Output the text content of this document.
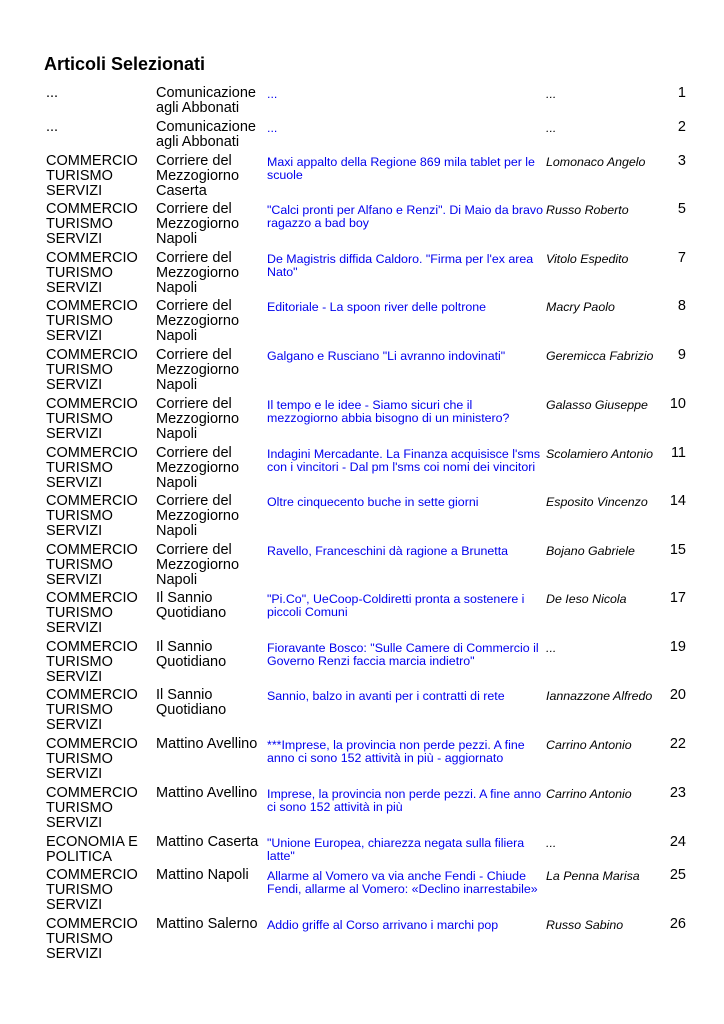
Articoli Selezionati
...	Comunicazione
agli Abbonati	...	...	1

...	Comunicazione
agli Abbonati	...	...	2

COMMERCIO
TURISMO
SERVIZI	Corriere del
Mezzogiorno
Caserta	Maxi appalto della Regione 869 mila tablet per le
scuole	Lomonaco Angelo	3

COMMERCIO
TURISMO
SERVIZI	Corriere del
Mezzogiorno
Napoli	"Calci pronti per Alfano e Renzi". Di Maio da bravo
ragazzo a bad boy	Russo Roberto	5

COMMERCIO
TURISMO
SERVIZI	Corriere del
Mezzogiorno
Napoli	De Magistris diffida Caldoro. "Firma per l'ex area
Nato"	Vitolo Espedito	7

COMMERCIO
TURISMO
SERVIZI	Corriere del
Mezzogiorno
Napoli	Editoriale - La spoon river delle poltrone	Macry Paolo	8

COMMERCIO
TURISMO
SERVIZI	Corriere del
Mezzogiorno
Napoli	Galgano e Rusciano "Li avranno indovinati"	Geremicca Fabrizio	9

COMMERCIO
TURISMO
SERVIZI	Corriere del
Mezzogiorno
Napoli	Il tempo e le idee - Siamo sicuri che il
mezzogiorno abbia bisogno di un ministero?	Galasso Giuseppe	10

COMMERCIO
TURISMO
SERVIZI	Corriere del
Mezzogiorno
Napoli	Indagini Mercadante. La Finanza acquisisce l'sms
con i vincitori - Dal pm l'sms coi nomi dei vincitori	Scolamiero Antonio	11

COMMERCIO
TURISMO
SERVIZI	Corriere del
Mezzogiorno
Napoli	Oltre cinquecento buche in sette giorni	Esposito Vincenzo	14

COMMERCIO
TURISMO
SERVIZI	Corriere del
Mezzogiorno
Napoli	Ravello, Franceschini dà ragione a Brunetta	Bojano Gabriele	15

COMMERCIO
TURISMO
SERVIZI	Il Sannio
Quotidiano	"Pi.Co", UeCoop-Coldiretti pronta a sostenere i
piccoli Comuni	De Ieso Nicola	17

COMMERCIO
TURISMO
SERVIZI	Il Sannio
Quotidiano	Fioravante Bosco: "Sulle Camere di Commercio il
Governo Renzi faccia marcia indietro"	...	19

COMMERCIO
TURISMO
SERVIZI	Il Sannio
Quotidiano	Sannio, balzo in avanti per i contratti di rete	Iannazzone Alfredo	20

COMMERCIO
TURISMO
SERVIZI	Mattino Avellino	***Imprese, la provincia non perde pezzi. A fine
anno ci sono 152 attività in più - aggiornato	Carrino Antonio	22

COMMERCIO
TURISMO
SERVIZI	Mattino Avellino	Imprese, la provincia non perde pezzi. A fine anno
ci sono 152 attività in più	Carrino Antonio	23

ECONOMIA E
POLITICA	Mattino Caserta	"Unione Europea, chiarezza negata sulla filiera
latte"	...	24

COMMERCIO
TURISMO
SERVIZI	Mattino Napoli	Allarme al Vomero va via anche Fendi - Chiude
Fendi, allarme al Vomero: «Declino inarrestabile»	La Penna Marisa	25

COMMERCIO
TURISMO
SERVIZI	Mattino Salerno	Addio griffe al Corso arrivano i marchi pop	Russo Sabino	26
